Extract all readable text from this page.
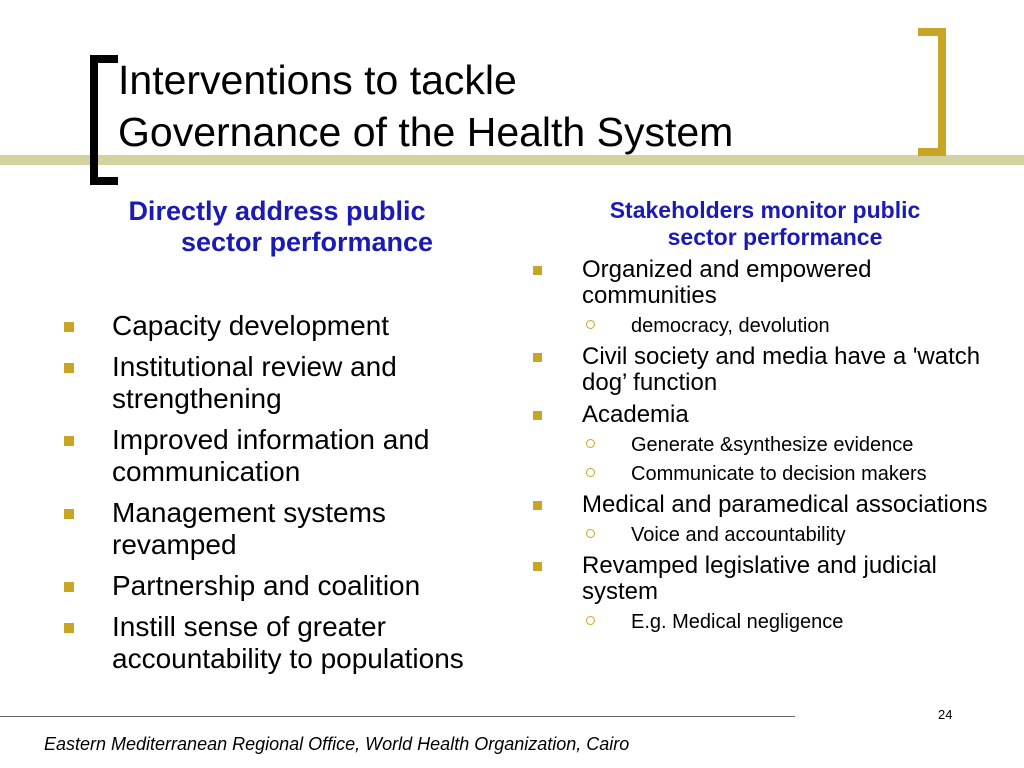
Interventions to tackle
Governance of the Health System
Directly address public
sector performance
Capacity development
Institutional review and strengthening
Improved information and communication
Management systems revamped
Partnership and coalition
Instill sense of greater accountability to populations
Stakeholders monitor public
sector performance
Organized and empowered communities
democracy, devolution
Civil society and media have a 'watch dog’ function
Academia
Generate &synthesize evidence
Communicate to decision makers
Medical and paramedical associations
Voice and accountability
Revamped legislative and judicial system
E.g. Medical negligence
24
Eastern Mediterranean Regional Office, World Health Organization, Cairo
